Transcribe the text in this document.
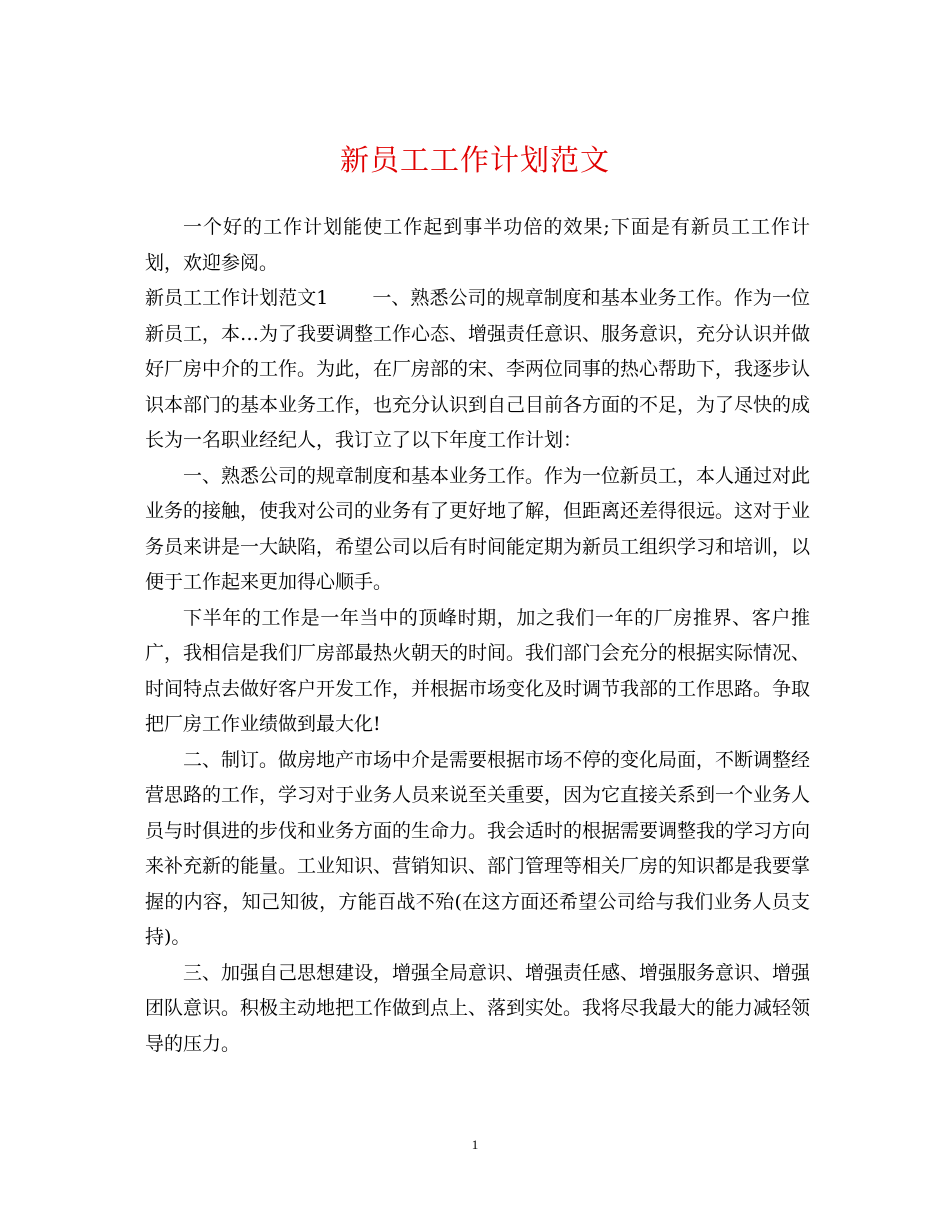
新员工工作计划范文

一个好的工作计划能使工作起到事半功倍的效果;下面是有新员工工作计划，欢迎参阅。

新员工工作计划范文1 一、熟悉公司的规章制度和基本业务工作。作为一位新员工，本…为了我要调整工作心态、增强责任意识、服务意识，充分认识并做好厂房中介的工作。为此，在厂房部的宋、李两位同事的热心帮助下，我逐步认识本部门的基本业务工作，也充分认识到自己目前各方面的不足，为了尽快的成长为一名职业经纪人，我订立了以下年度工作计划：

一、熟悉公司的规章制度和基本业务工作。作为一位新员工，本人通过对此业务的接触，使我对公司的业务有了更好地了解，但距离还差得很远。这对于业务员来讲是一大缺陷，希望公司以后有时间能定期为新员工组织学习和培训，以便于工作起来更加得心顺手。

下半年的工作是一年当中的顶峰时期，加之我们一年的厂房推界、客户推广，我相信是我们厂房部最热火朝天的时间。我们部门会充分的根据实际情况、时间特点去做好客户开发工作，并根据市场变化及时调节我部的工作思路。争取把厂房工作业绩做到最大化!

二、制订。做房地产市场中介是需要根据市场不停的变化局面，不断调整经营思路的工作，学习对于业务人员来说至关重要，因为它直接关系到一个业务人员与时俱进的步伐和业务方面的生命力。我会适时的根据需要调整我的学习方向来补充新的能量。工业知识、营销知识、部门管理等相关厂房的知识都是我要掌握的内容，知己知彼，方能百战不殆(在这方面还希望公司给与我们业务人员支持)。

三、加强自己思想建设，增强全局意识、增强责任感、增强服务意识、增强团队意识。积极主动地把工作做到点上、落到实处。我将尽我最大的能力减轻领导的压力。

1
